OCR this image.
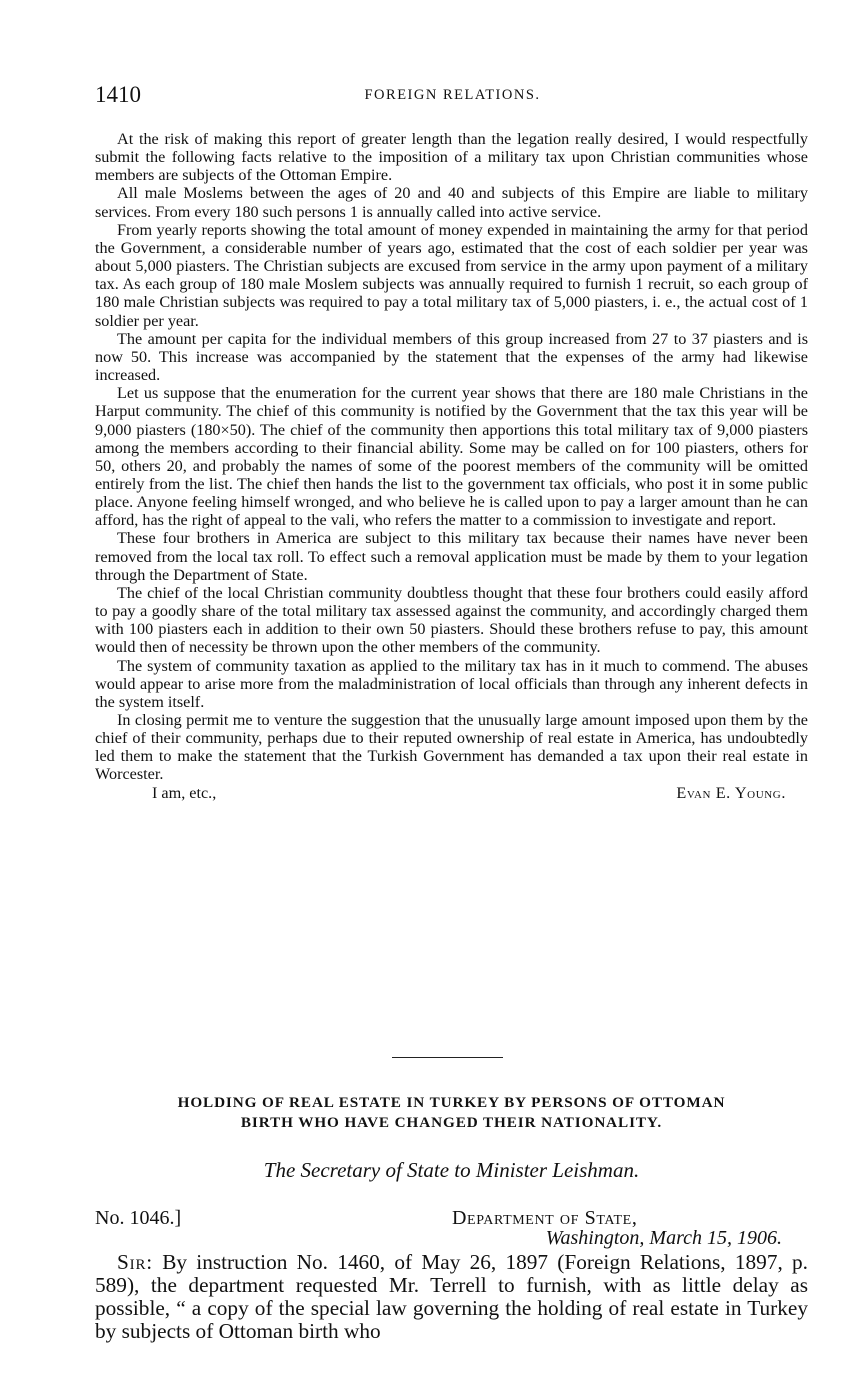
1410	FOREIGN RELATIONS.

At the risk of making this report of greater length than the legation really desired, I would respectfully submit the following facts relative to the imposition of a military tax upon Christian communities whose members are subjects of the Ottoman Empire.

All male Moslems between the ages of 20 and 40 and subjects of this Empire are liable to military services. From every 180 such persons 1 is annually called into active service.

From yearly reports showing the total amount of money expended in maintaining the army for that period the Government, a considerable number of years ago, estimated that the cost of each soldier per year was about 5,000 piasters. The Christian subjects are excused from service in the army upon payment of a military tax. As each group of 180 male Moslem subjects was annually required to furnish 1 recruit, so each group of 180 male Christian subjects was required to pay a total military tax of 5,000 piasters, i. e., the actual cost of 1 soldier per year.

The amount per capita for the individual members of this group increased from 27 to 37 piasters and is now 50. This increase was accompanied by the statement that the expenses of the army had likewise increased.

Let us suppose that the enumeration for the current year shows that there are 180 male Christians in the Harput community. The chief of this community is notified by the Government that the tax this year will be 9,000 piasters (180×50). The chief of the community then apportions this total military tax of 9,000 piasters among the members according to their financial ability. Some may be called on for 100 piasters, others for 50, others 20, and probably the names of some of the poorest members of the community will be omitted entirely from the list. The chief then hands the list to the government tax officials, who post it in some public place. Anyone feeling himself wronged, and who believe he is called upon to pay a larger amount than he can afford, has the right of appeal to the vali, who refers the matter to a commission to investigate and report.

These four brothers in America are subject to this military tax because their names have never been removed from the local tax roll. To effect such a removal application must be made by them to your legation through the Department of State.

The chief of the local Christian community doubtless thought that these four brothers could easily afford to pay a goodly share of the total military tax assessed against the community, and accordingly charged them with 100 piasters each in addition to their own 50 piasters. Should these brothers refuse to pay, this amount would then of necessity be thrown upon the other members of the community.

The system of community taxation as applied to the military tax has in it much to commend. The abuses would appear to arise more from the maladministration of local officials than through any inherent defects in the system itself.

In closing permit me to venture the suggestion that the unusually large amount imposed upon them by the chief of their community, perhaps due to their reputed ownership of real estate in America, has undoubtedly led them to make the statement that the Turkish Government has demanded a tax upon their real estate in Worcester.

I am, etc.,	Evan E. Young.
HOLDING OF REAL ESTATE IN TURKEY BY PERSONS OF OTTOMAN
BIRTH WHO HAVE CHANGED THEIR NATIONALITY.
The Secretary of State to Minister Leishman.
No. 1046.]	Department of State,
Washington, March 15, 1906.

Sir: By instruction No. 1460, of May 26, 1897 (Foreign Relations, 1897, p. 589), the department requested Mr. Terrell to furnish, with as little delay as possible, “ a copy of the special law governing the holding of real estate in Turkey by subjects of Ottoman birth who
